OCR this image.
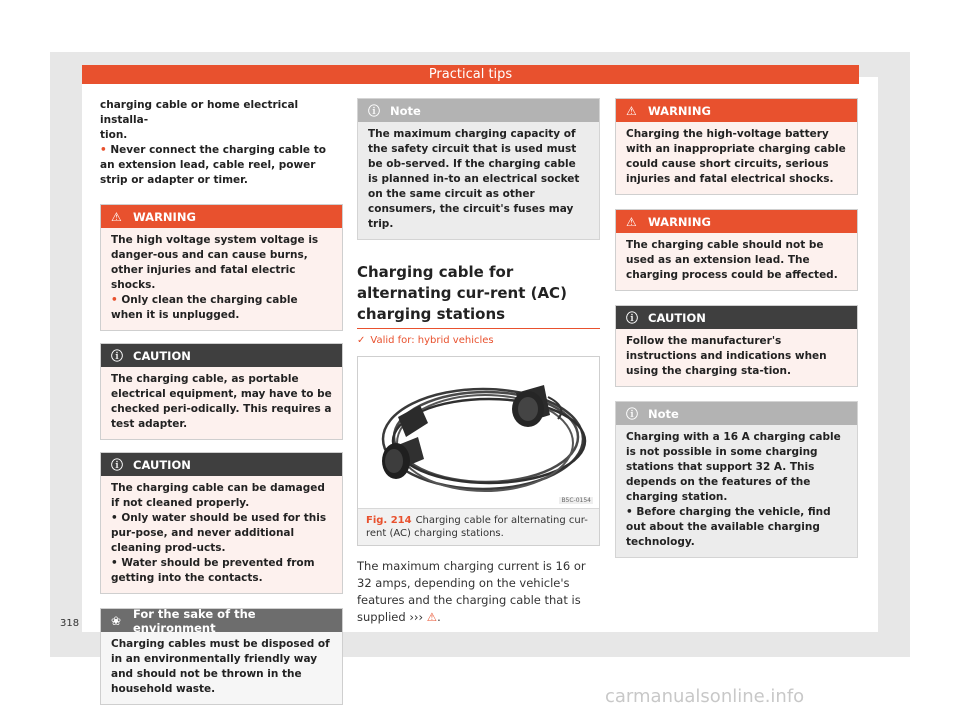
Practical tips

charging cable or home electrical installa-
tion.

• Never connect the charging cable to an extension lead, cable reel, power strip or adapter or timer.

⚠ WARNING

The high voltage system voltage is danger-ous and can cause burns, other injuries and fatal electric shocks.

• Only clean the charging cable when it is unplugged.

ⓘ CAUTION

The charging cable, as portable electrical equipment, may have to be checked peri-odically. This requires a test adapter.

ⓘ CAUTION

The charging cable can be damaged if not cleaned properly.

• Only water should be used for this pur-pose, and never additional cleaning prod-ucts.

• Water should be prevented from getting into the contacts.

❀	For the sake of the environment

Charging cables must be disposed of in an environmentally friendly way and should not be thrown in the household waste.

ⓘ Note

The maximum charging capacity of the safety circuit that is used must be ob-served. If the charging cable is planned in-to an electrical socket on the same circuit as other consumers, the circuit's fuses may trip.

Charging cable for alternating cur-rent (AC) charging stations

✓ Valid for: hybrid vehicles
B5C-0154
Fig. 214 Charging cable for alternating cur-rent (AC) charging stations.
The maximum charging current is 16 or 32 amps, depending on the vehicle's features and the charging cable that is supplied ››› ⚠.
⚠ WARNING

Charging the high-voltage battery with an inappropriate charging cable could cause short circuits, serious injuries and fatal electrical shocks.

⚠ WARNING

The charging cable should not be used as an extension lead. The charging process could be affected.

ⓘ CAUTION

Follow the manufacturer's instructions and indications when using the charging sta-tion.

ⓘ Note

Charging with a 16 A charging cable is not possible in some charging stations that support 32 A. This depends on the features of the charging station.

• Before charging the vehicle, find out about the available charging technology.

318
carmanualsonline.info
